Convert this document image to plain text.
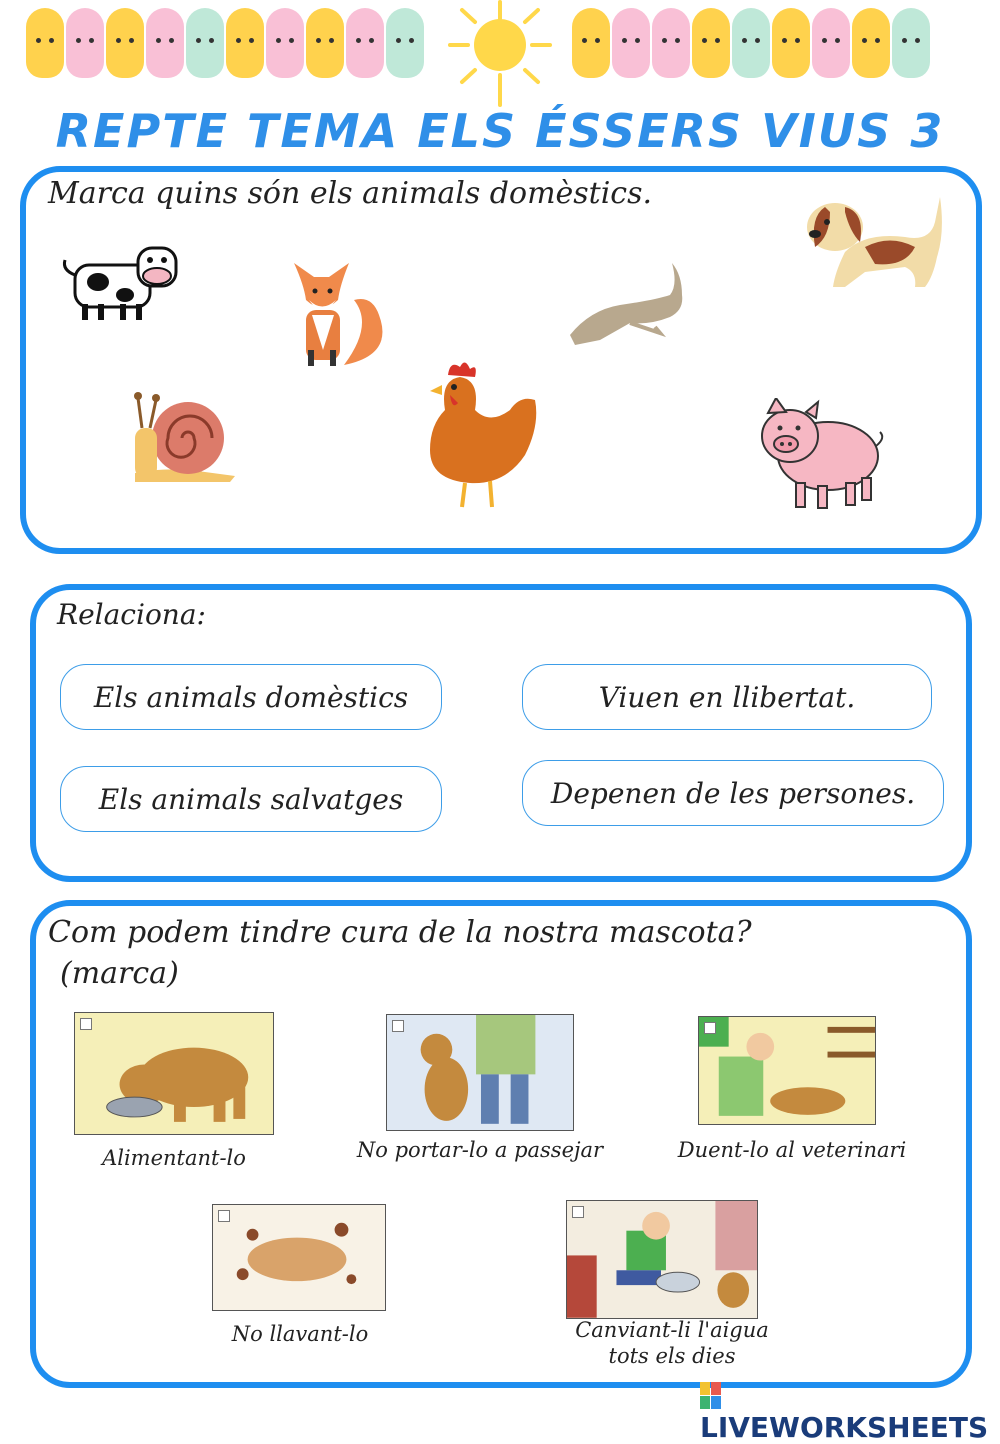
REPTE TEMA ELS ÉSSERS VIUS 3
Marca quins són els animals domèstics.
Relaciona:
Els animals domèstics
Els animals salvatges
Viuen en llibertat.
Depenen de les persones.
Com podem tindre cura de la nostra mascota?
(marca)
Alimentant-lo	No portar-lo a passejar	Duent-lo al veterinari
No llavant-lo	Canviant-li l'aigua
tots els dies
LIVEWORKSHEETS
